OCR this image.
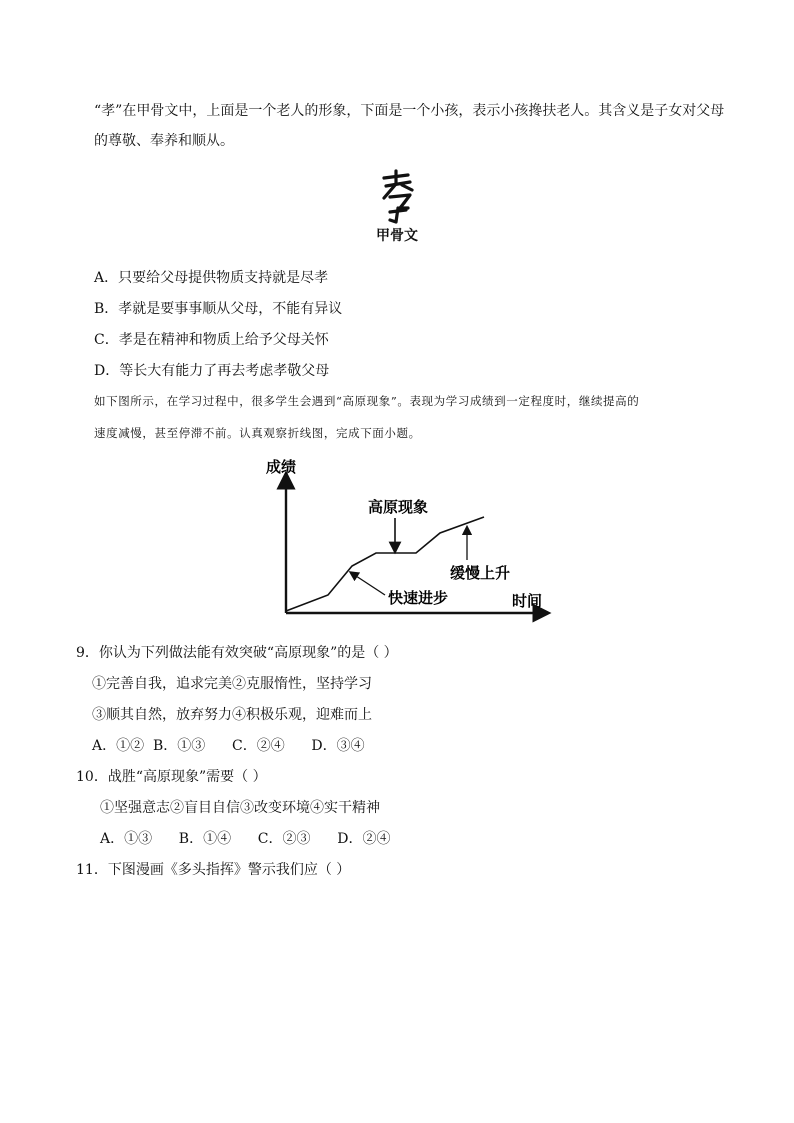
“孝”在甲骨文中，上面是一个老人的形象，下面是一个小孩，表示小孩搀扶老人。其含义是子女对父母
的尊敬、奉养和顺从。
甲骨文
A．只要给父母提供物质支持就是尽孝
B．孝就是要事事顺从父母，不能有异议
C．孝是在精神和物质上给予父母关怀
D．等长大有能力了再去考虑孝敬父母
如下图所示，在学习过程中，很多学生会遇到“高原现象”。表现为学习成绩到一定程度时，继续提高的
速度减慢，甚至停滞不前。认真观察折线图，完成下面小题。
成绩
时间
高原现象
缓慢上升
快速进步
9．你认为下列做法能有效突破“高原现象”的是（ ）
①完善自我，追求完美②克服惰性，坚持学习
③顺其自然，放弃努力④积极乐观，迎难而上
A．①②  B．①③      C．②④      D．③④
10．战胜“高原现象”需要（ ）
①坚强意志②盲目自信③改变环境④实干精神
A．①③      B．①④      C．②③      D．②④
11．下图漫画《多头指挥》警示我们应（ ）
